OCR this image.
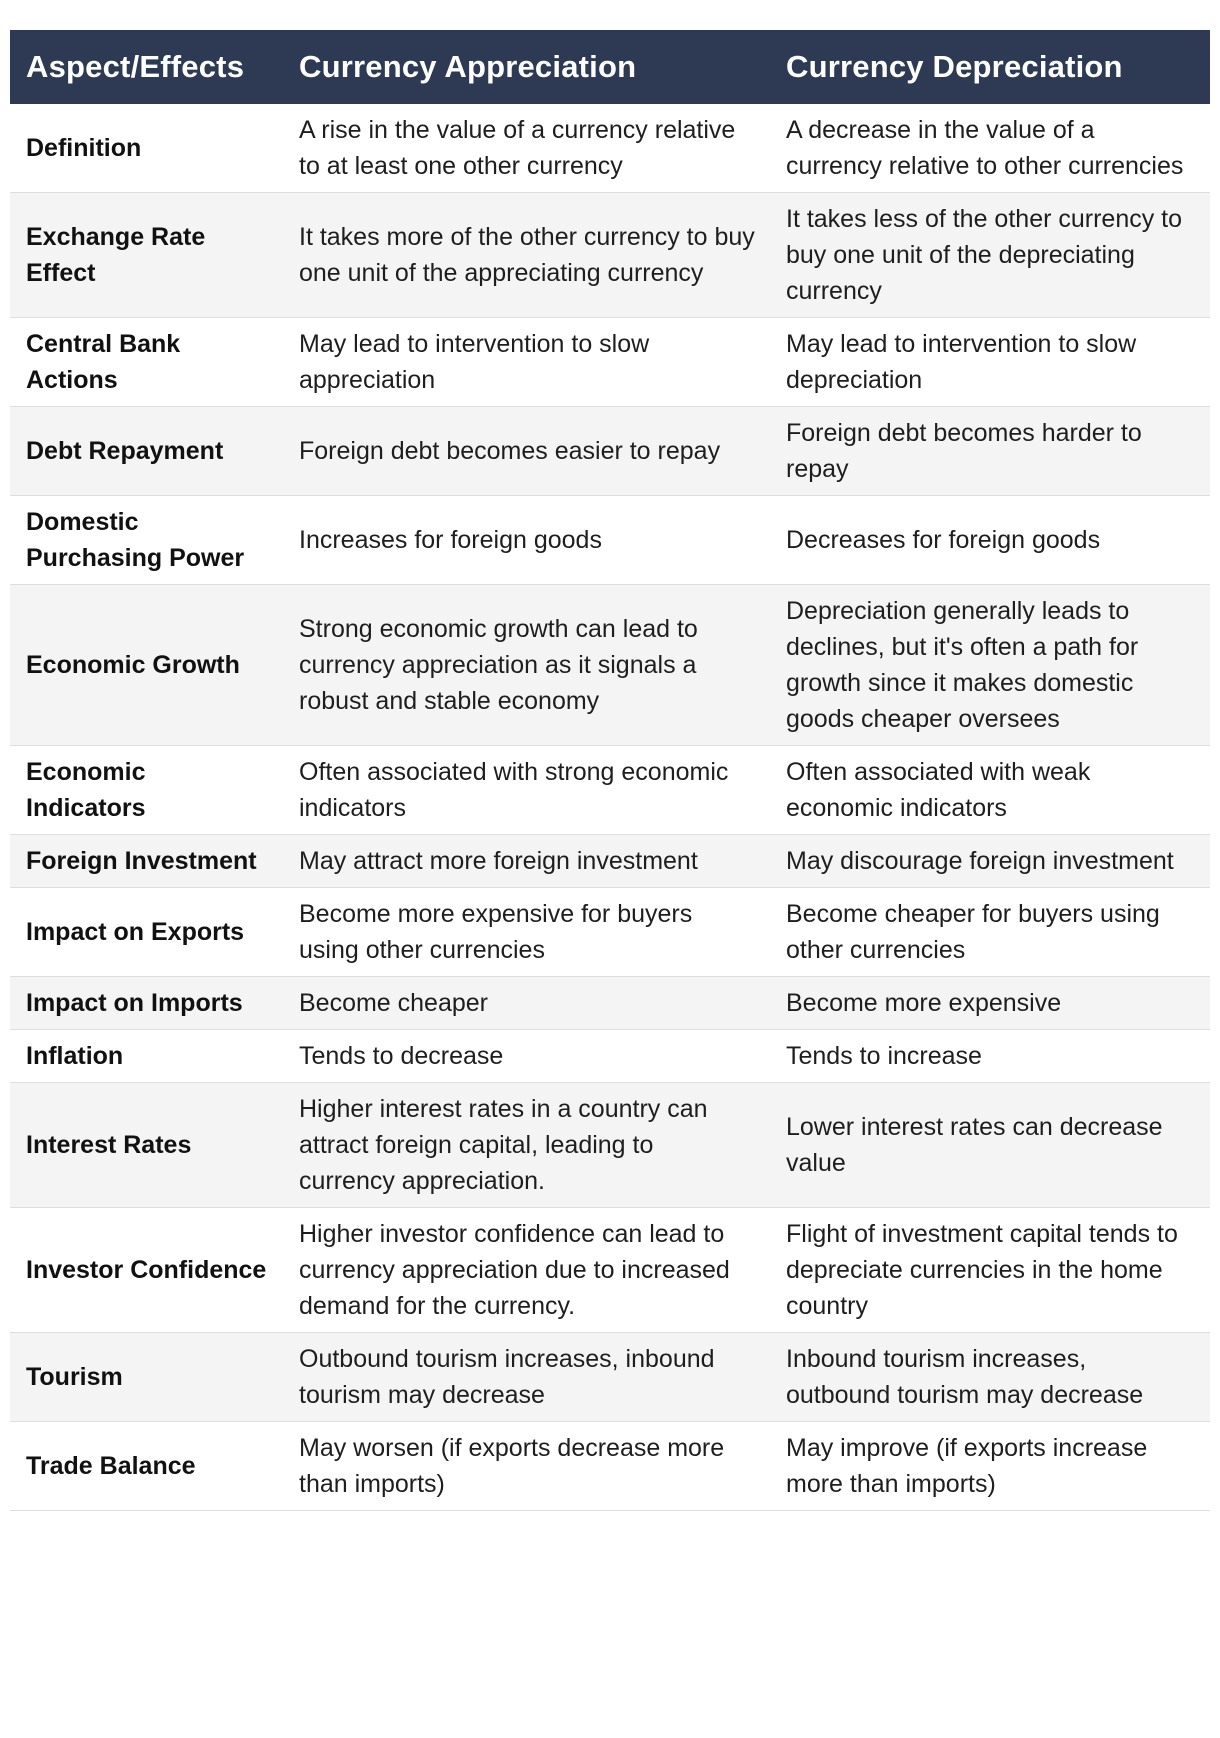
Aspect/Effects	Currency Appreciation	Currency Depreciation
Definition	A rise in the value of a currency relative to at least one other currency	A decrease in the value of a currency relative to other currencies
Exchange Rate Effect	It takes more of the other currency to buy one unit of the appreciating currency	It takes less of the other currency to buy one unit of the depreciating currency
Central Bank Actions	May lead to intervention to slow appreciation	May lead to intervention to slow depreciation
Debt Repayment	Foreign debt becomes easier to repay	Foreign debt becomes harder to repay
Domestic Purchasing Power	Increases for foreign goods	Decreases for foreign goods
Economic Growth	Strong economic growth can lead to currency appreciation as it signals a robust and stable economy	Depreciation generally leads to declines, but it's often a path for growth since it makes domestic goods cheaper oversees
Economic Indicators	Often associated with strong economic indicators	Often associated with weak economic indicators
Foreign Investment	May attract more foreign investment	May discourage foreign investment
Impact on Exports	Become more expensive for buyers using other currencies	Become cheaper for buyers using other currencies
Impact on Imports	Become cheaper	Become more expensive
Inflation	Tends to decrease	Tends to increase
Interest Rates	Higher interest rates in a country can attract foreign capital, leading to currency appreciation.	Lower interest rates can decrease value
Investor Confidence	Higher investor confidence can lead to currency appreciation due to increased demand for the currency.	Flight of investment capital tends to depreciate currencies in the home country
Tourism	Outbound tourism increases, inbound tourism may decrease	Inbound tourism increases, outbound tourism may decrease
Trade Balance	May worsen (if exports decrease more than imports)	May improve (if exports increase more than imports)
